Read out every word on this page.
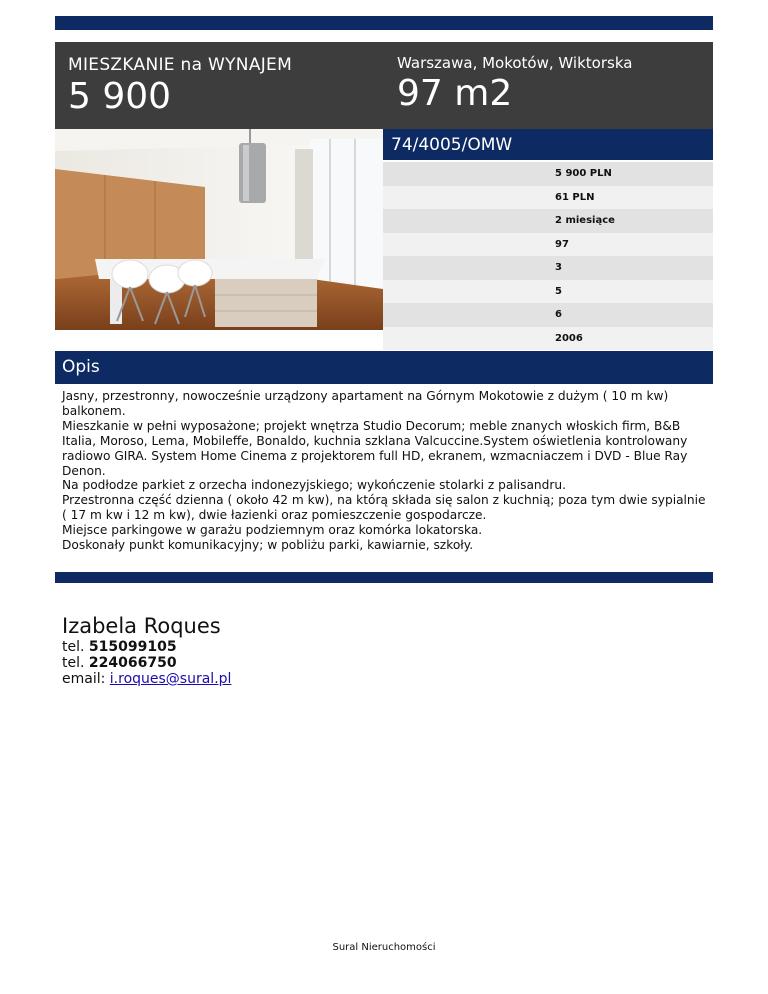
MIESZKANIE na WYNAJEM
5 900
Warszawa, Mokotów, Wiktorska
97 m2
74/4005/OMW
5 900 PLN
61 PLN
2 miesiące
97
3
5
6
2006
Opis

Jasny, przestronny, nowocześnie urządzony apartament na Górnym Mokotowie z dużym ( 10 m kw) balkonem.

Mieszkanie w pełni wyposażone; projekt wnętrza Studio Decorum; meble znanych włoskich firm, B&B Italia, Moroso, Lema, Mobileffe, Bonaldo, kuchnia szklana Valcuccine.System oświetlenia kontrolowany radiowo GIRA. System Home Cinema z projektorem full HD, ekranem, wzmacniaczem i DVD - Blue Ray Denon.

Na podłodze parkiet z orzecha indonezyjskiego; wykończenie stolarki z palisandru.

Przestronna część dzienna ( około 42 m kw), na którą składa się salon z kuchnią; poza tym dwie sypialnie ( 17 m kw i 12 m kw), dwie łazienki oraz pomieszczenie gospodarcze.

Miejsce parkingowe w garażu podziemnym oraz komórka lokatorska.

Doskonały punkt komunikacyjny; w pobliżu parki, kawiarnie, szkoły.

Izabela Roques
tel. 515099105
tel. 224066750
email: i.roques@sural.pl
Sural Nieruchomości
